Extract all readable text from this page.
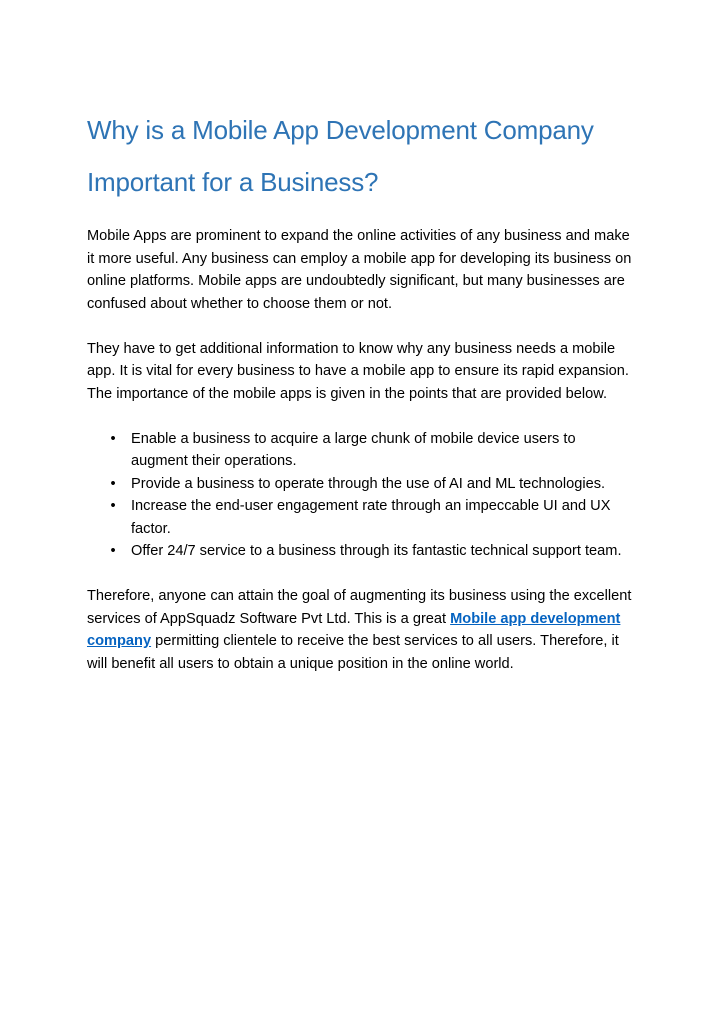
Why is a Mobile App Development Company Important for a Business?

Mobile Apps are prominent to expand the online activities of any business and make it more useful. Any business can employ a mobile app for developing its business on online platforms. Mobile apps are undoubtedly significant, but many businesses are confused about whether to choose them or not.

They have to get additional information to know why any business needs a mobile app. It is vital for every business to have a mobile app to ensure its rapid expansion. The importance of the mobile apps is given in the points that are provided below.

• Enable a business to acquire a large chunk of mobile device users to augment their operations.
• Provide a business to operate through the use of AI and ML technologies.
• Increase the end-user engagement rate through an impeccable UI and UX factor.
• Offer 24/7 service to a business through its fantastic technical support team.

Therefore, anyone can attain the goal of augmenting its business using the excellent services of AppSquadz Software Pvt Ltd. This is a great Mobile app development company permitting clientele to receive the best services to all users. Therefore, it will benefit all users to obtain a unique position in the online world.
